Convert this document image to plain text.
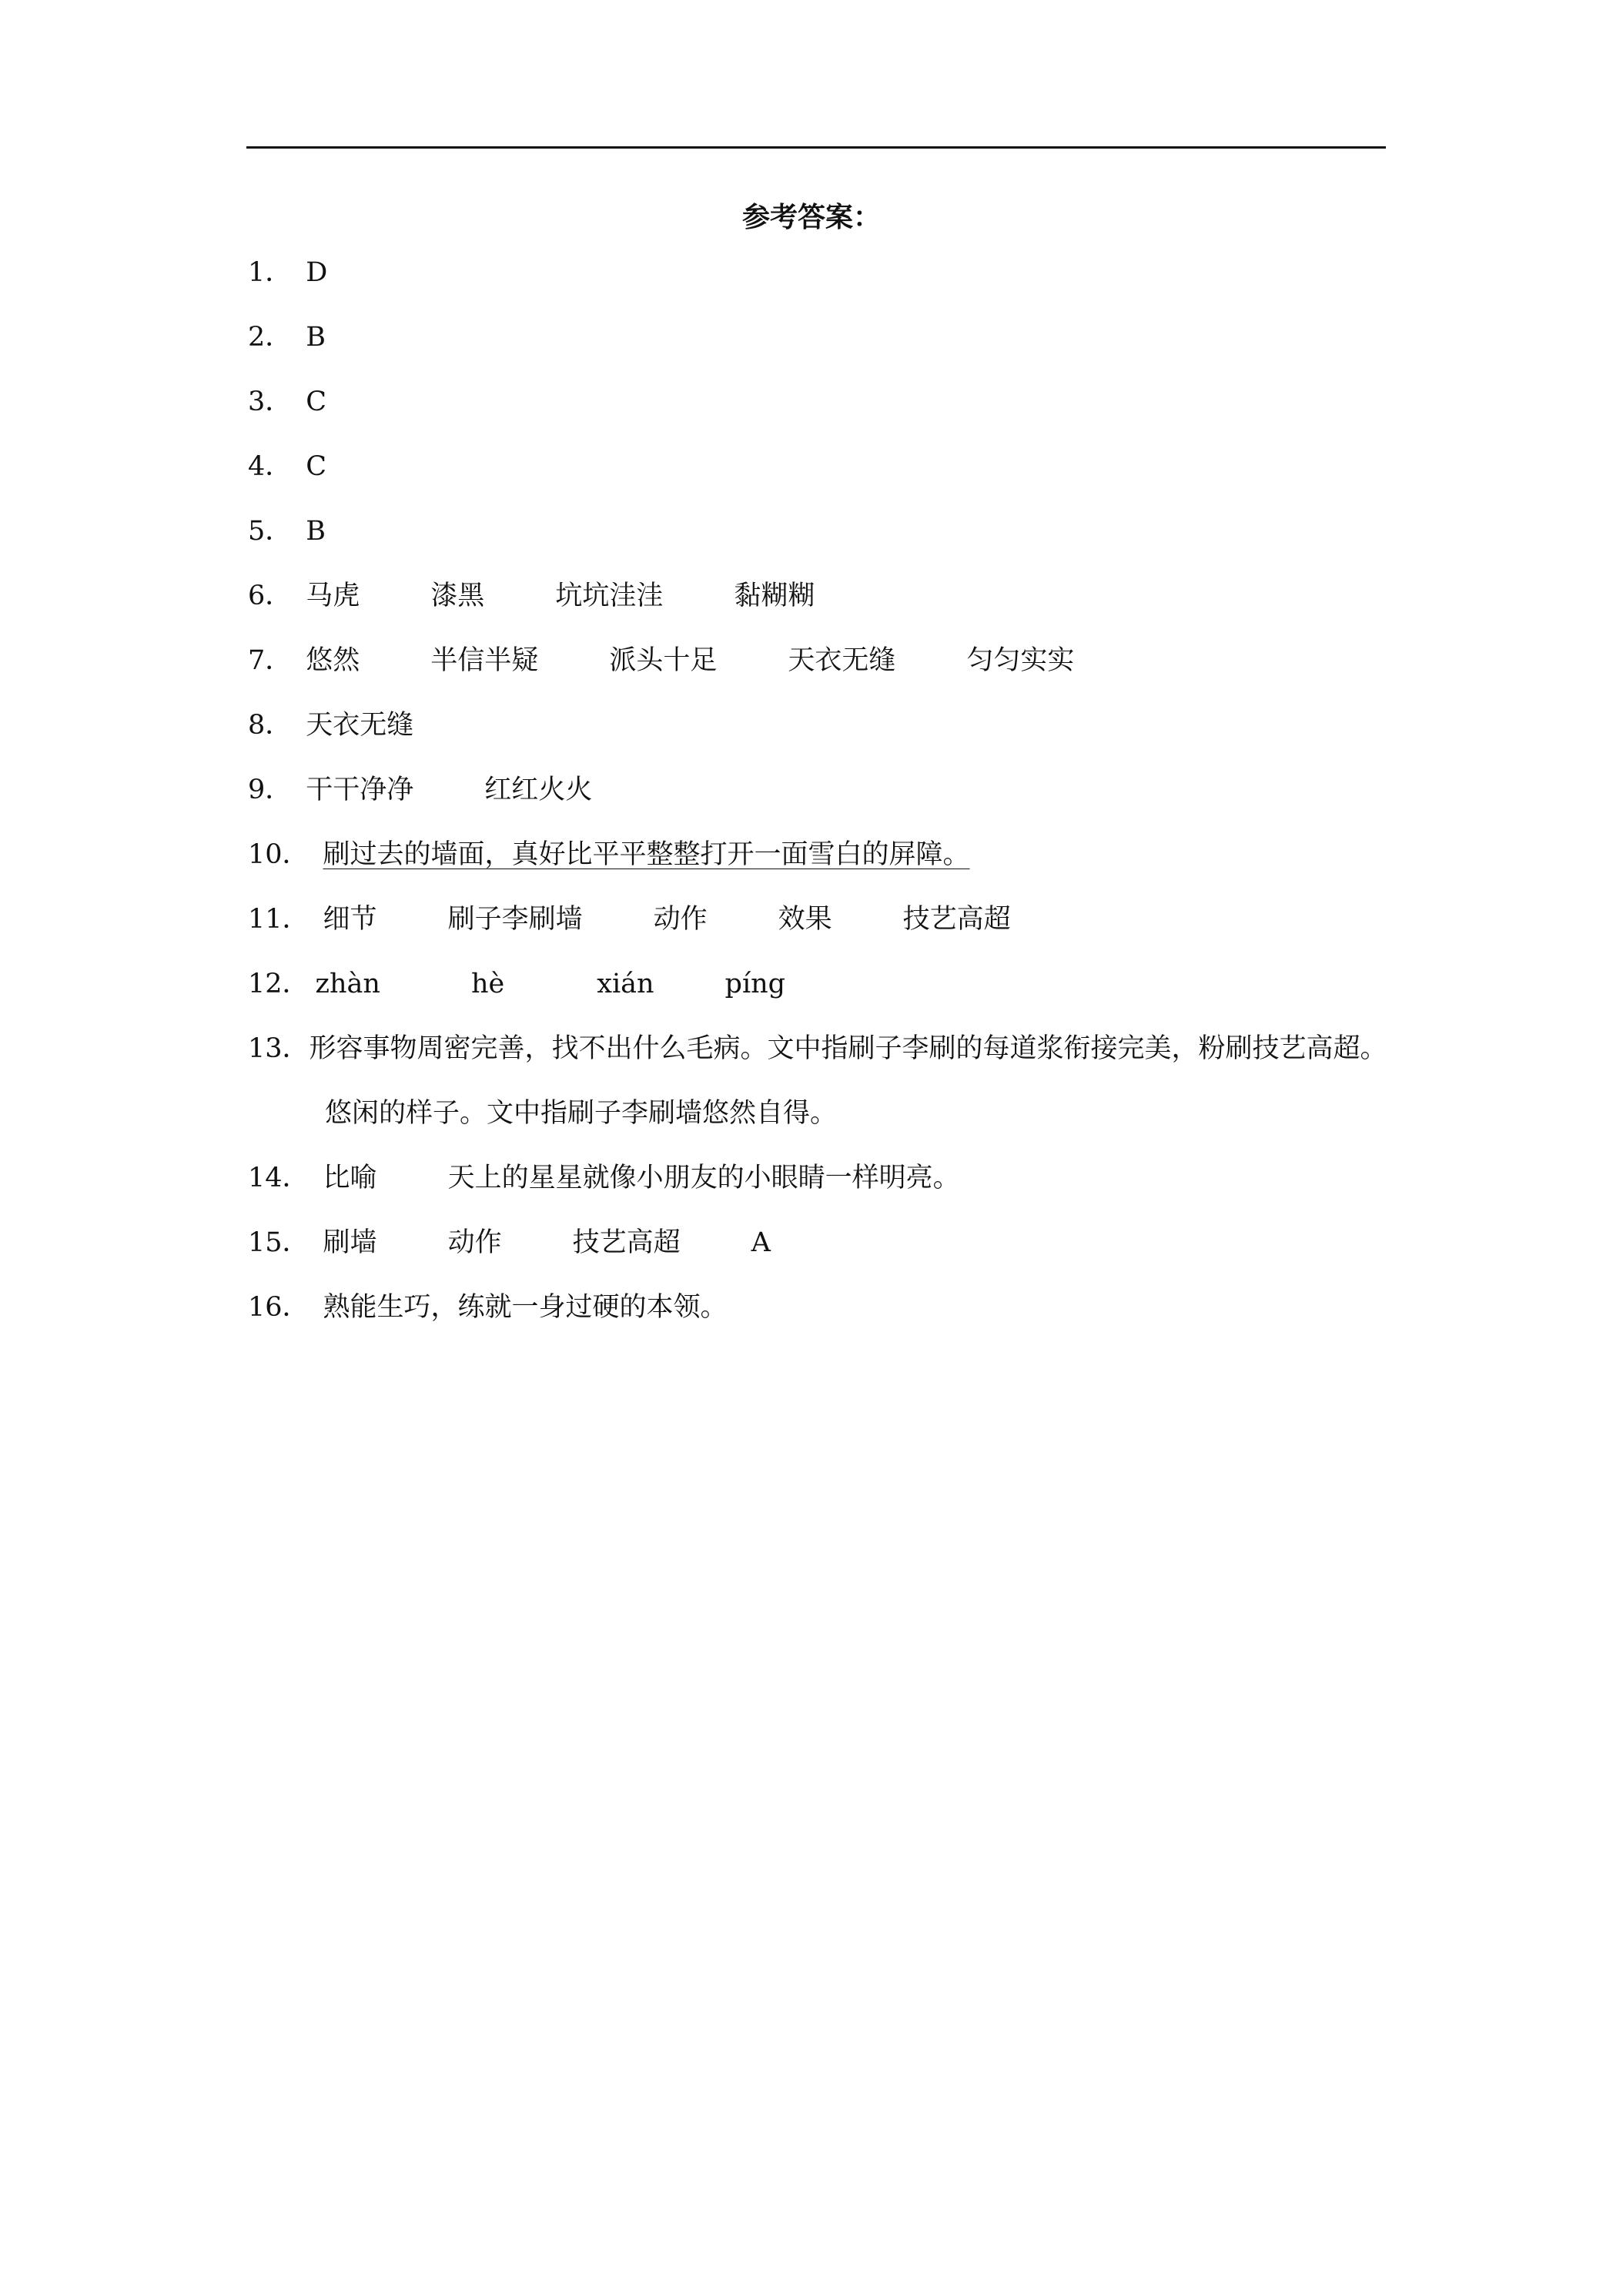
参考答案：
1． D
2． B
3． C
4． C
5． B
6． 马虎	漆黑	坑坑洼洼	黏糊糊
7． 悠然	半信半疑	派头十足	天衣无缝	匀匀实实
8． 天衣无缝
9． 干干净净	红红火火
10． 刷过去的墙面，真好比平平整整打开一面雪白的屏障。
11． 细节	刷子李刷墙	动作	效果	技艺高超
12． zhàn	hè	xián	píng
13．形容事物周密完善，找不出什么毛病。文中指刷子李刷的每道浆衔接完美，粉刷技艺高超。悠闲的样子。文中指刷子李刷墙悠然自得。
14． 比喻	天上的星星就像小朋友的小眼睛一样明亮。
15． 刷墙	动作	技艺高超	A
16． 熟能生巧，练就一身过硬的本领。
